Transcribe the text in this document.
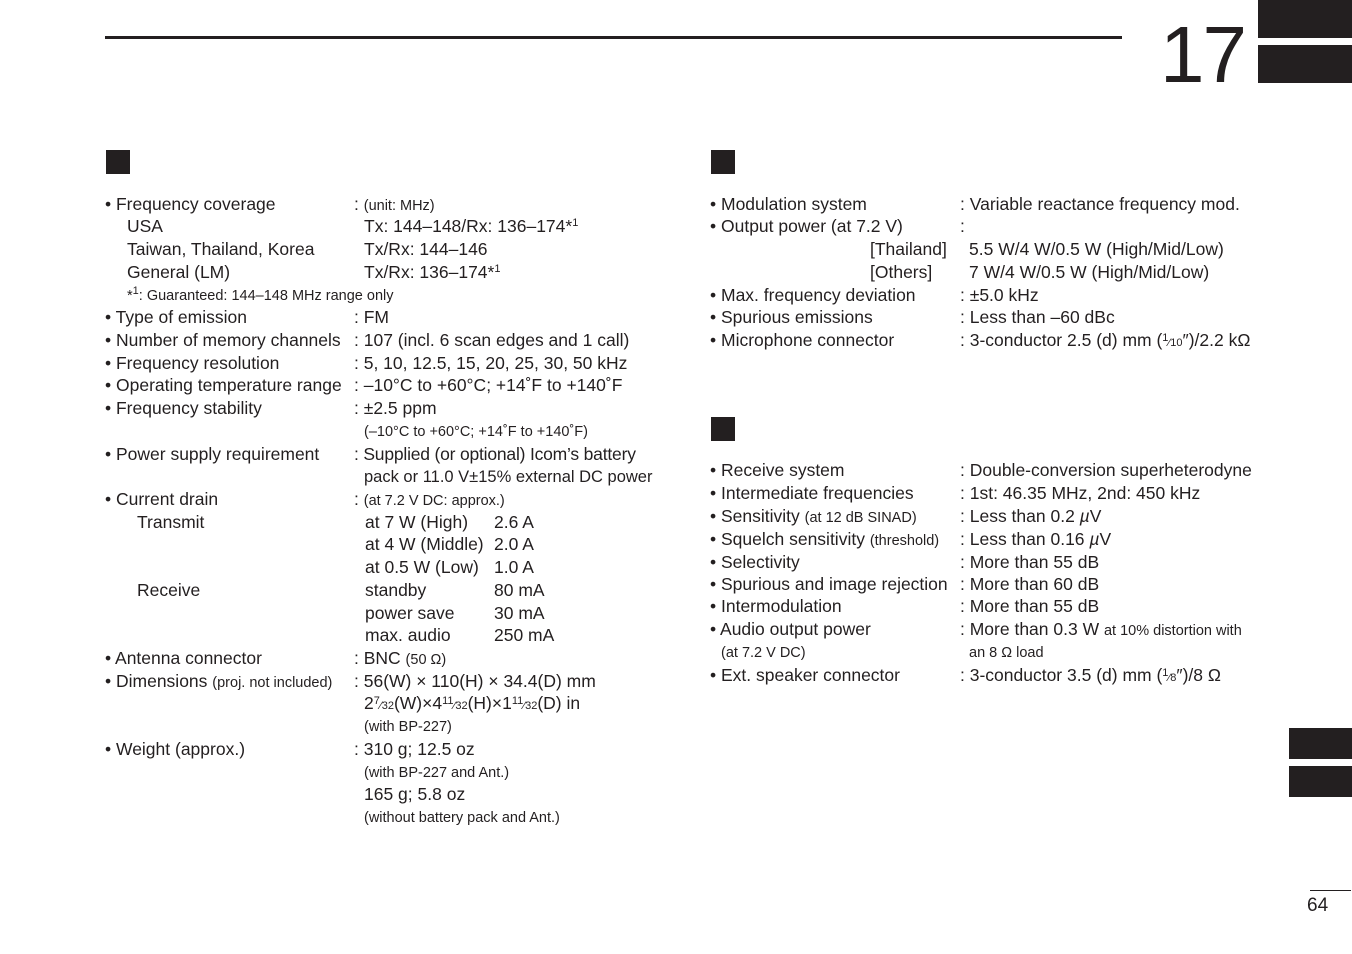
17
64
• Frequency coverage	: (unit: MHz)
USA	Tx: 144–148/Rx: 136–174*$^1$
Taiwan, Thailand, Korea	Tx/Rx: 144–146
General (LM)	Tx/Rx: 136–174*$^1$
*$^1$: Guaranteed: 144–148 MHz range only
• Type of emission	: FM
• Number of memory channels : 107 (incl. 6 scan edges and 1 call)
• Frequency resolution	: 5, 10, 12.5, 15, 20, 25, 30, 50 kHz
• Operating temperature range : –10°C to +60°C; +14˚F to +140˚F
• Frequency stability	: ±2.5 ppm
(–10°C to +60°C; +14˚F to +140˚F)
• Power supply requirement : Supplied (or optional) Icom’s battery
pack or 11.0 V±15% external DC power
• Current drain	: (at 7.2 V DC: approx.)
Transmit	at 7 W (High) 2.6 A
at 4 W (Middle) 2.0 A
at 0.5 W (Low) 1.0 A
Receive	standby	80 mA
power save 30 mA
max. audio 250 mA
• Antenna connector	: BNC (50 Ω)
• Dimensions (proj. not included) : 56(W) × 110(H) × 34.4(D) mm
$2^7⁄32(W)\times 4^{11}⁄32(H)\times 1^{11}⁄32(D)$ in
(with BP-227)
• Weight (approx.)	: 310 g; 12.5 oz
(with BP-227 and Ant.)
165 g; 5.8 oz
(without battery pack and Ant.)
• Modulation system	: Variable reactance frequency mod.
• Output power (at 7.2 V)	:
[Thailand] 5.5 W/4 W/0.5 W (High/Mid/Low)
[Others] 7 W/4 W/0.5 W (High/Mid/Low)
• Max. frequency deviation	: ±5.0 kHz
• Spurious emissions	: Less than –60 dBc
• Microphone connector	: 3-conductor 2.5 (d) mm ($^1$⁄10″)/2.2 kΩ
• Receive system	: Double-conversion superheterodyne
• Intermediate frequencies	: 1st: 46.35 MHz, 2nd: 450 kHz
• Sensitivity (at 12 dB SINAD) : Less than 0.2 µV
• Squelch sensitivity (threshold) : Less than 0.16 µV
• Selectivity	: More than 55 dB
• Spurious and image rejection : More than 60 dB
• Intermodulation	: More than 55 dB
• Audio output power	: More than 0.3 W at 10% distortion with
(at 7.2 V DC)	an 8 Ω load
• Ext. speaker connector	: 3-conductor 3.5 (d) mm ($^1$⁄8″)/8 Ω
